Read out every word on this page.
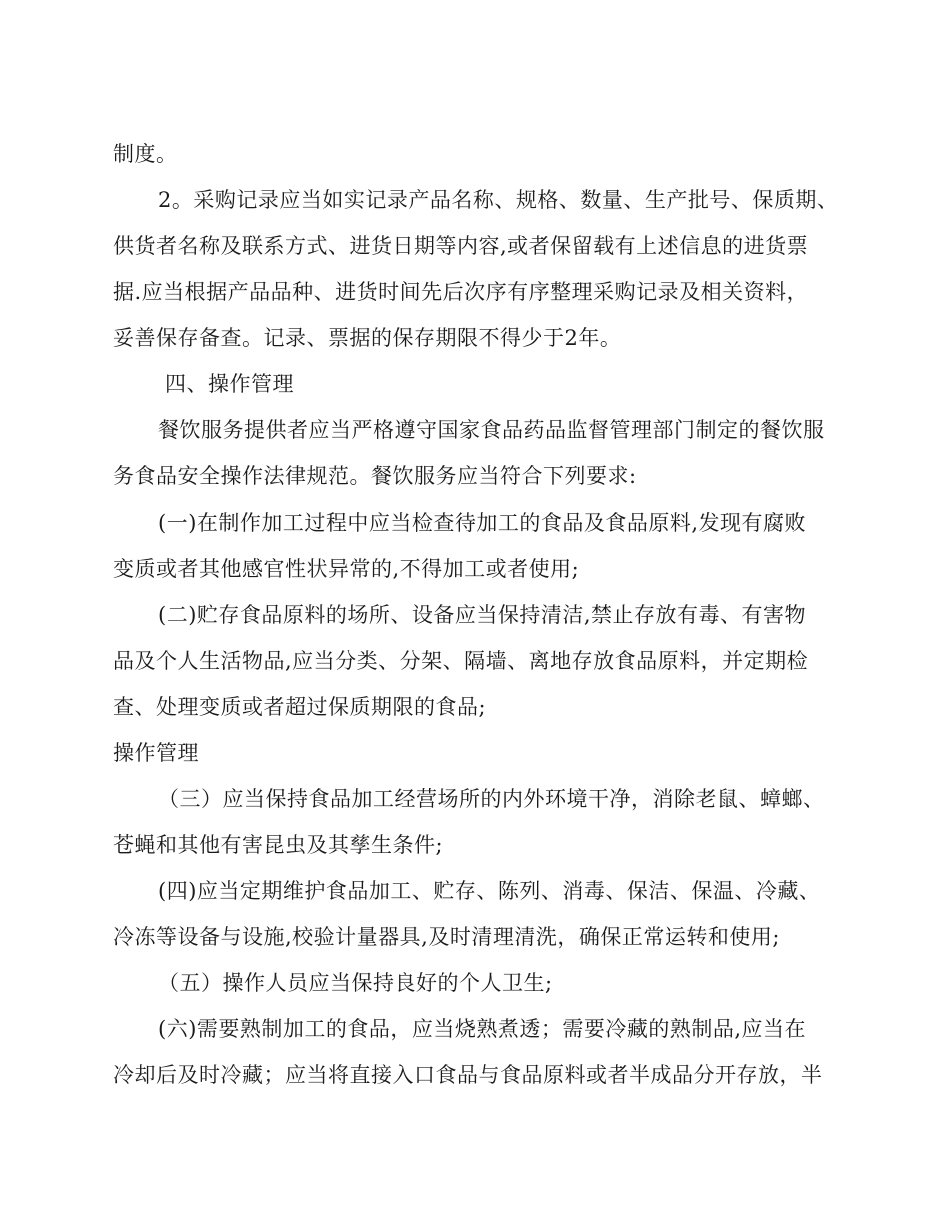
制度。
2。采购记录应当如实记录产品名称、规格、数量、生产批号、保质期、
供货者名称及联系方式、进货日期等内容,或者保留载有上述信息的进货票
据.应当根据产品品种、进货时间先后次序有序整理采购记录及相关资料，
妥善保存备查。记录、票据的保存期限不得少于2年。
四、操作管理
餐饮服务提供者应当严格遵守国家食品药品监督管理部门制定的餐饮服
务食品安全操作法律规范。餐饮服务应当符合下列要求:
(一)在制作加工过程中应当检查待加工的食品及食品原料,发现有腐败
变质或者其他感官性状异常的,不得加工或者使用;
(二)贮存食品原料的场所、设备应当保持清洁,禁止存放有毒、有害物
品及个人生活物品,应当分类、分架、隔墙、离地存放食品原料，并定期检
查、处理变质或者超过保质期限的食品;
操作管理
（三）应当保持食品加工经营场所的内外环境干净，消除老鼠、蟑螂、
苍蝇和其他有害昆虫及其孳生条件;
(四)应当定期维护食品加工、贮存、陈列、消毒、保洁、保温、冷藏、
冷冻等设备与设施,校验计量器具,及时清理清洗，确保正常运转和使用;
（五）操作人员应当保持良好的个人卫生;
(六)需要熟制加工的食品，应当烧熟煮透；需要冷藏的熟制品,应当在
冷却后及时冷藏；应当将直接入口食品与食品原料或者半成品分开存放，半
